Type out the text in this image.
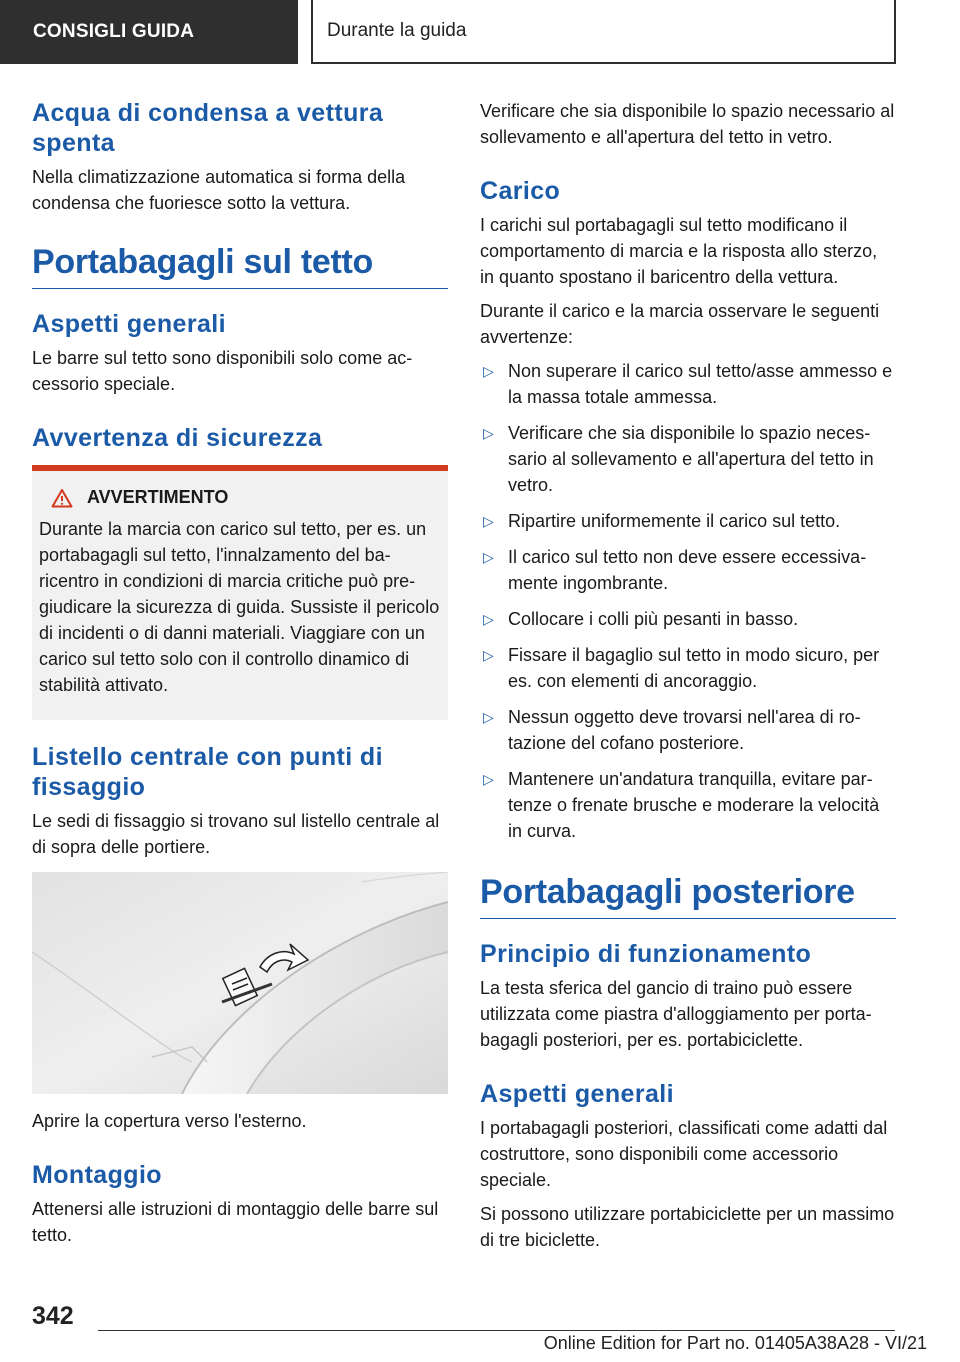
CONSIGLI GUIDA	Durante la guida
Acqua di condensa a vettura spenta

Nella climatizzazione automatica si forma della condensa che fuoriesce sotto la vettura.

Portabagagli sul tetto
Aspetti generali

Le barre sul tetto sono disponibili solo come accessorio speciale.

Avvertenza di sicurezza
AVVERTIMENTO

Durante la marcia con carico sul tetto, per es. un portabagagli sul tetto, l'innalzamento del baricentro in condizioni di marcia critiche può pregiudicare la sicurezza di guida. Sussiste il pericolo di incidenti o di danni materiali. Viaggiare con un carico sul tetto solo con il controllo dinamico di stabilità attivato.

Listello centrale con punti di fissaggio

Le sedi di fissaggio si trovano sul listello centrale al di sopra delle portiere.

Aprire la copertura verso l'esterno.

Montaggio

Attenersi alle istruzioni di montaggio delle barre sul tetto.

Verificare che sia disponibile lo spazio necessario al sollevamento e all'apertura del tetto in vetro.

Carico

I carichi sul portabagagli sul tetto modificano il comportamento di marcia e la risposta allo sterzo, in quanto spostano il baricentro della vettura.

Durante il carico e la marcia osservare le seguenti avvertenze:

▷ Non superare il carico sul tetto/asse ammesso e la massa totale ammessa.
▷ Verificare che sia disponibile lo spazio necessario al sollevamento e all'apertura del tetto in vetro.
▷ Ripartire uniformemente il carico sul tetto.
▷ Il carico sul tetto non deve essere eccessivamente ingombrante.
▷ Collocare i colli più pesanti in basso.
▷ Fissare il bagaglio sul tetto in modo sicuro, per es. con elementi di ancoraggio.
▷ Nessun oggetto deve trovarsi nell'area di rotazione del cofano posteriore.
▷ Mantenere un'andatura tranquilla, evitare partenze o frenate brusche e moderare la velocità in curva.
Portabagagli posteriore
Principio di funzionamento

La testa sferica del gancio di traino può essere utilizzata come piastra d'alloggiamento per portabagagli posteriori, per es. portabiciclette.

Aspetti generali

I portabagagli posteriori, classificati come adatti dal costruttore, sono disponibili come accessorio speciale.

Si possono utilizzare portabiciclette per un massimo di tre biciclette.

342
Online Edition for Part no. 01405A38A28 - VI/21
